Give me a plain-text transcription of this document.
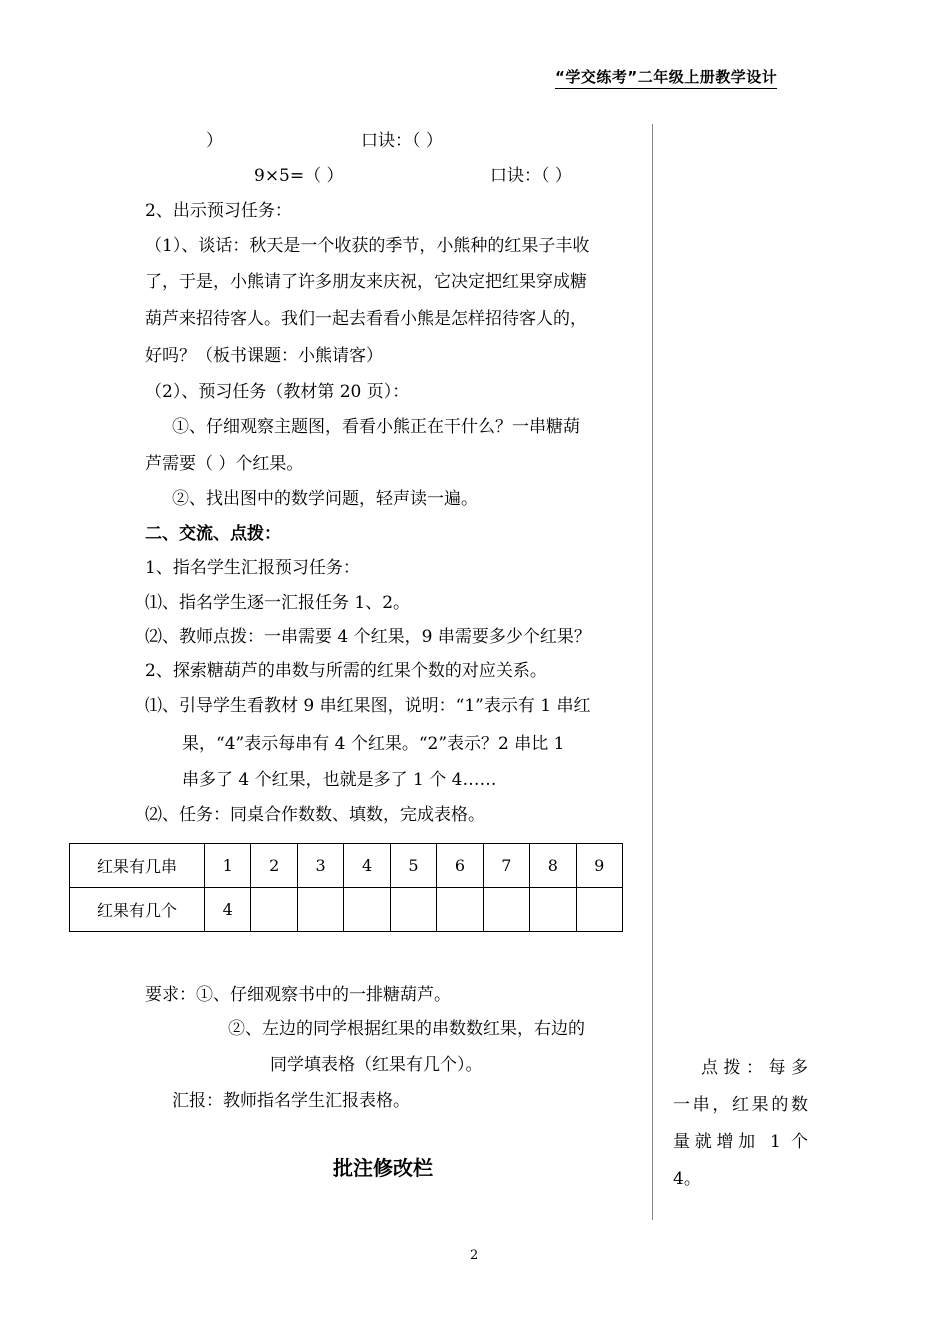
“学交练考”二年级上册教学设计
）	口诀：（ ）
9×5=（ ）	口诀：（ ）
2、出示预习任务：
（1）、谈话：秋天是一个收获的季节，小熊种的红果子丰收
了，于是，小熊请了许多朋友来庆祝，它决定把红果穿成糖
葫芦来招待客人。我们一起去看看小熊是怎样招待客人的，
好吗？（板书课题：小熊请客）
（2）、预习任务（教材第 20 页）：
①、仔细观察主题图，看看小熊正在干什么？一串糖葫
芦需要（ ）个红果。
②、找出图中的数学问题，轻声读一遍。
二、交流、点拨：
1、指名学生汇报预习任务：
⑴、指名学生逐一汇报任务 1、2。
⑵、教师点拨：一串需要 4 个红果，9 串需要多少个红果？
2、探索糖葫芦的串数与所需的红果个数的对应关系。
⑴、引导学生看教材 9 串红果图，说明：“1”表示有 1 串红
果，“4”表示每串有 4 个红果。“2”表示？2 串比 1
串多了 4 个红果，也就是多了 1 个 4……
⑵、任务：同桌合作数数、填数，完成表格。
红果有几串	1	2	3	4	5	6	7	8	9
红果有几个	4								
要求：①、仔细观察书中的一排糖葫芦。
②、左边的同学根据红果的串数数红果，右边的
同学填表格（红果有几个）。
汇报：教师指名学生汇报表格。
批注修改栏
点拨：每多
一串，红果的数
量就增加 1 个
4。
2
